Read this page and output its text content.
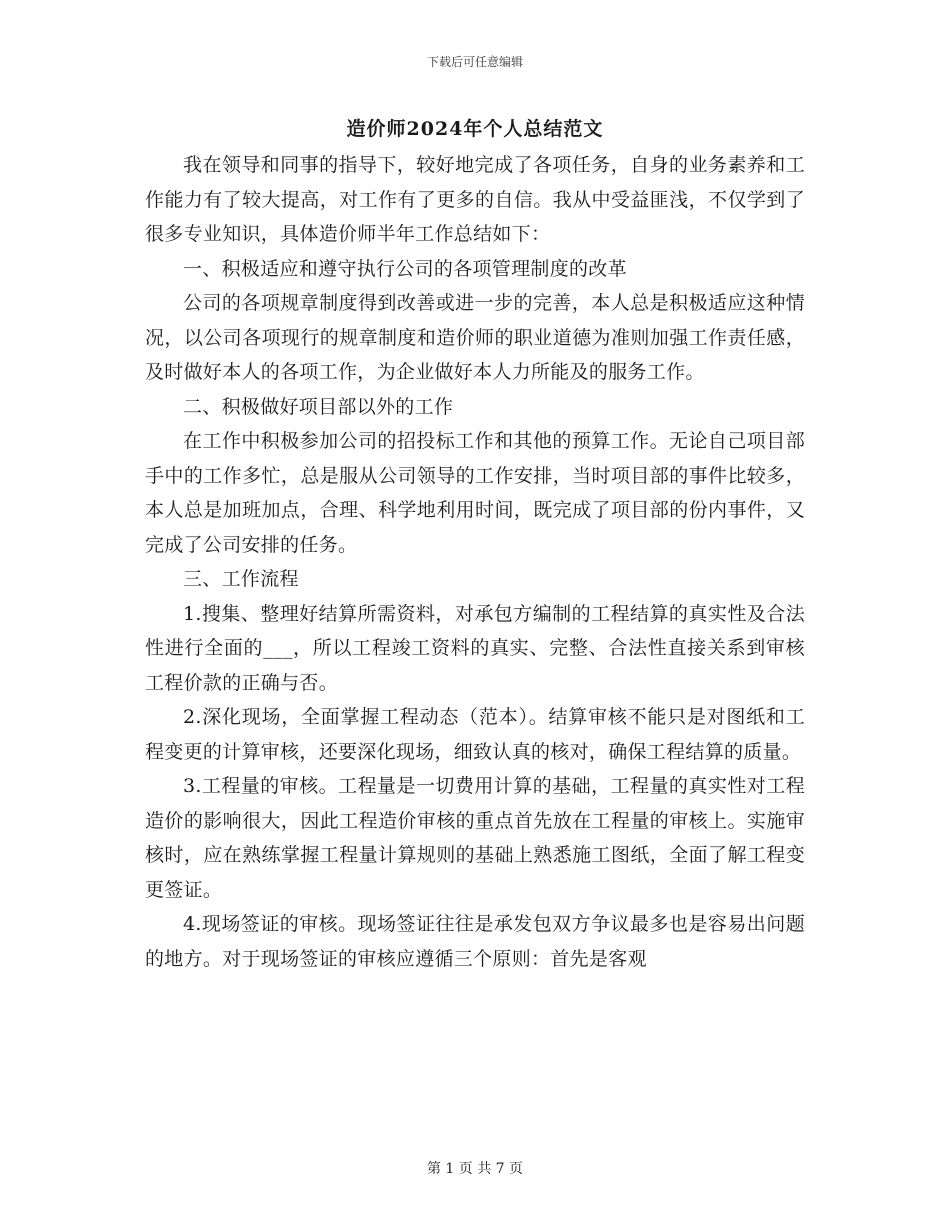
下载后可任意编辑
造价师2024年个人总结范文

我在领导和同事的指导下，较好地完成了各项任务，自身的业务素养和工作能力有了较大提高，对工作有了更多的自信。我从中受益匪浅，不仅学到了很多专业知识，具体造价师半年工作总结如下：

一、积极适应和遵守执行公司的各项管理制度的改革

公司的各项规章制度得到改善或进一步的完善，本人总是积极适应这种情况，以公司各项现行的规章制度和造价师的职业道德为准则加强工作责任感，及时做好本人的各项工作，为企业做好本人力所能及的服务工作。

二、积极做好项目部以外的工作

在工作中积极参加公司的招投标工作和其他的预算工作。无论自己项目部手中的工作多忙，总是服从公司领导的工作安排，当时项目部的事件比较多，本人总是加班加点，合理、科学地利用时间，既完成了项目部的份内事件，又完成了公司安排的任务。

三、工作流程

1.搜集、整理好结算所需资料，对承包方编制的工程结算的真实性及合法性进行全面的___，所以工程竣工资料的真实、完整、合法性直接关系到审核工程价款的正确与否。

2.深化现场，全面掌握工程动态（范本）。结算审核不能只是对图纸和工程变更的计算审核，还要深化现场，细致认真的核对，确保工程结算的质量。

3.工程量的审核。工程量是一切费用计算的基础，工程量的真实性对工程造价的影响很大，因此工程造价审核的重点首先放在工程量的审核上。实施审核时，应在熟练掌握工程量计算规则的基础上熟悉施工图纸，全面了解工程变更签证。

4.现场签证的审核。现场签证往往是承发包双方争议最多也是容易出问题的地方。对于现场签证的审核应遵循三个原则：首先是客观

第 1 页 共 7 页
